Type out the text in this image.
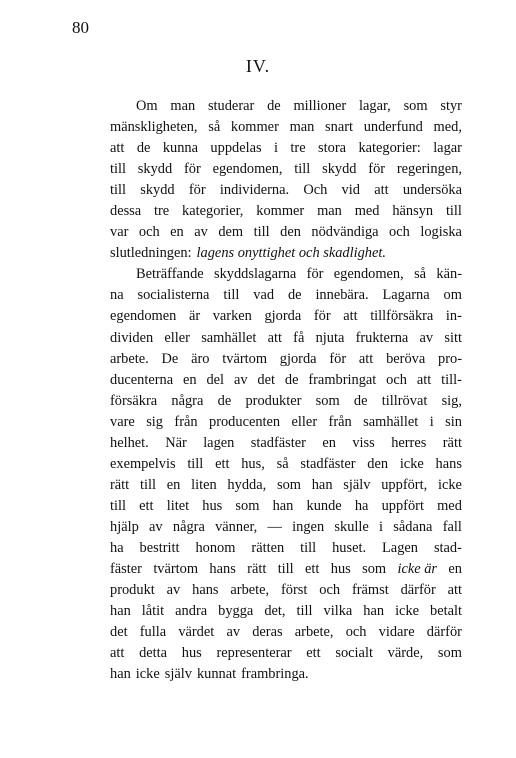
80
IV.
Om man studerar de millioner lagar, som styr
mänskligheten, så kommer man snart underfund med,
att de kunna uppdelas i tre stora kategorier: lagar
till skydd för egendomen, till skydd för regeringen,
till skydd för individerna. Och vid att undersöka
dessa tre kategorier, kommer man med hänsyn till
var och en av dem till den nödvändiga och logiska
slutledningen: lagens onyttighet och skadlighet.
Beträffande skyddslagarna för egendomen, så kän-
na socialisterna till vad de innebära. Lagarna om
egendomen är varken gjorda för att tillförsäkra in-
dividen eller samhället att få njuta frukterna av sitt
arbete. De äro tvärtom gjorda för att beröva pro-
ducenterna en del av det de frambringat och att till-
försäkra några de produkter som de tillrövat sig,
vare sig från producenten eller från samhället i sin
helhet. När lagen stadfäster en viss herres rätt
exempelvis till ett hus, så stadfäster den icke hans
rätt till en liten hydda, som han själv uppfört, icke
till ett litet hus som han kunde ha uppfört med
hjälp av några vänner, — ingen skulle i sådana fall
ha bestritt honom rätten till huset. Lagen stad-
fäster tvärtom hans rätt till ett hus som icke är en
produkt av hans arbete, först och främst därför att
han låtit andra bygga det, till vilka han icke betalt
det fulla värdet av deras arbete, och vidare därför
att detta hus representerar ett socialt värde, som
han icke själv kunnat frambringa.
